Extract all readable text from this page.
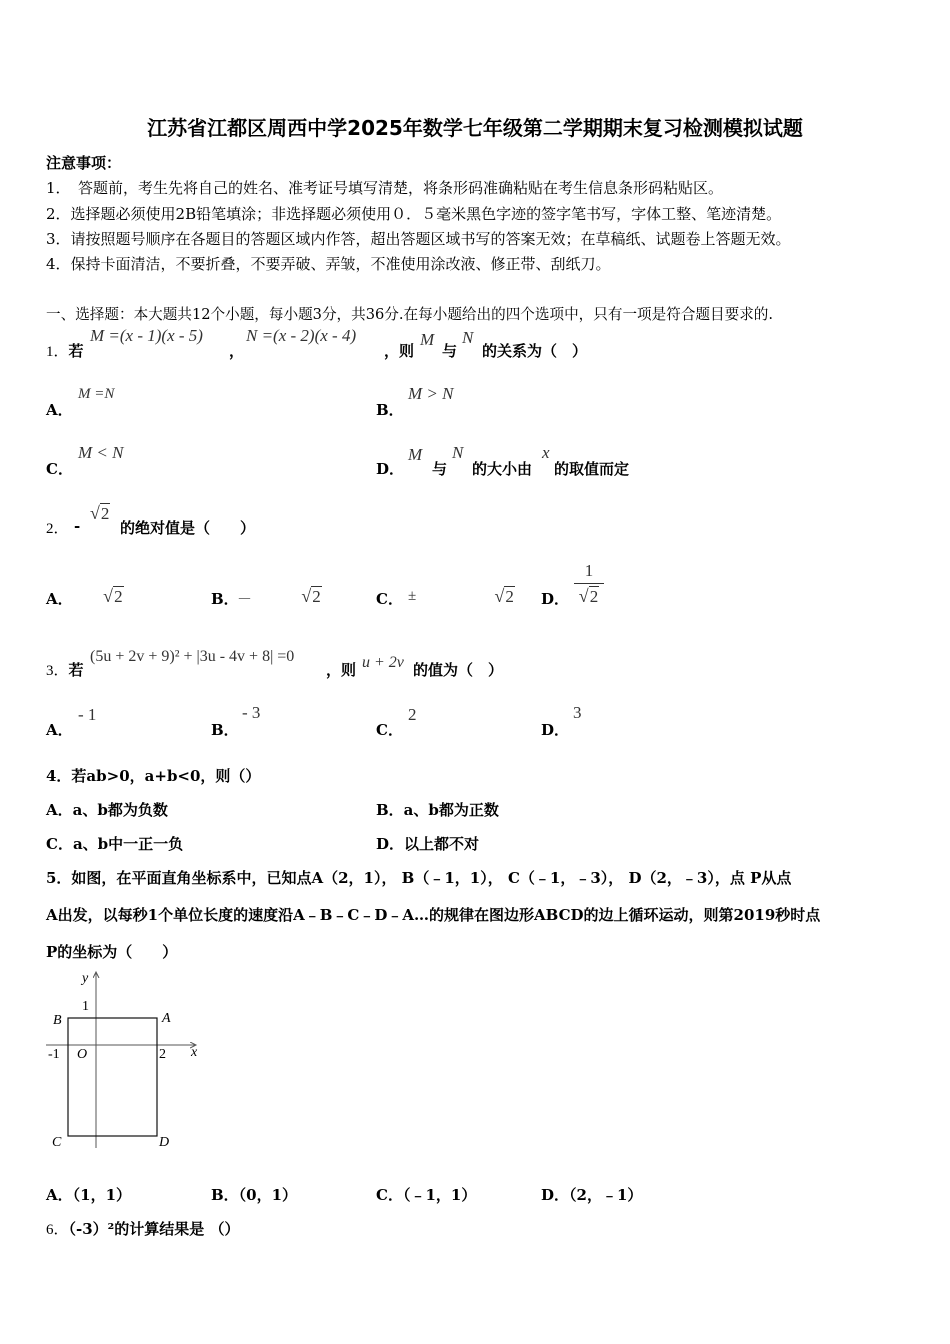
江苏省江都区周西中学2025年数学七年级第二学期期末复习检测模拟试题
注意事项：
1．　答题前，考生先将自己的姓名、准考证号填写清楚，将条形码准确粘贴在考生信息条形码粘贴区。
2．选择题必须使用2B铅笔填涂；非选择题必须使用０．５毫米黑色字迹的签字笔书写，字体工整、笔迹清楚。
3．请按照题号顺序在各题目的答题区域内作答，超出答题区域书写的答案无效；在草稿纸、试题卷上答题无效。
4．保持卡面清洁，不要折叠，不要弄破、弄皱，不准使用涂改液、修正带、刮纸刀。
一、选择题：本大题共12个小题，每小题3分，共36分.在每小题给出的四个选项中，只有一项是符合题目要求的.
1．若
M =(x - 1)(x - 5)
，
N =(x - 2)(x - 4)
，则
M
与
N
的关系为（　）
A．
M =N
B．
M > N
C．
M < N
D．
M
与
N
的大小由
x
的取值而定
2． -
√2
的绝对值是（　　）
A． √2	B．
－	√2	C． ±	√2 D．
1
√2
3．若
(5u + 2v + 9)² + |3u - 4v + 8| =0
，则 u + 2v 的值为（　）
A．
- 1
B．
- 3
C．
2
D．
3
4．若ab>0，a+b<0，则（）
A．a、b都为负数	B．a、b都为正数
C．a、b中一正一负	D．以上都不对
5．如图，在平面直角坐标系中，已知点A（2，1）， B（﹣1，1）， C（﹣1，﹣3）， D（2，﹣3），点 P从点
A出发，以每秒1个单位长度的速度沿A﹣B﹣C﹣D﹣A…的规律在图边形ABCD的边上循环运动，则第2019秒时点
P的坐标为（　　）
y
x
1
-1 O	2
A
B
C	D
A．（1，1）	B．（0，1）	C．（﹣1，1）	D．（2，﹣1）
6．（-3）²的计算结果是 （）
